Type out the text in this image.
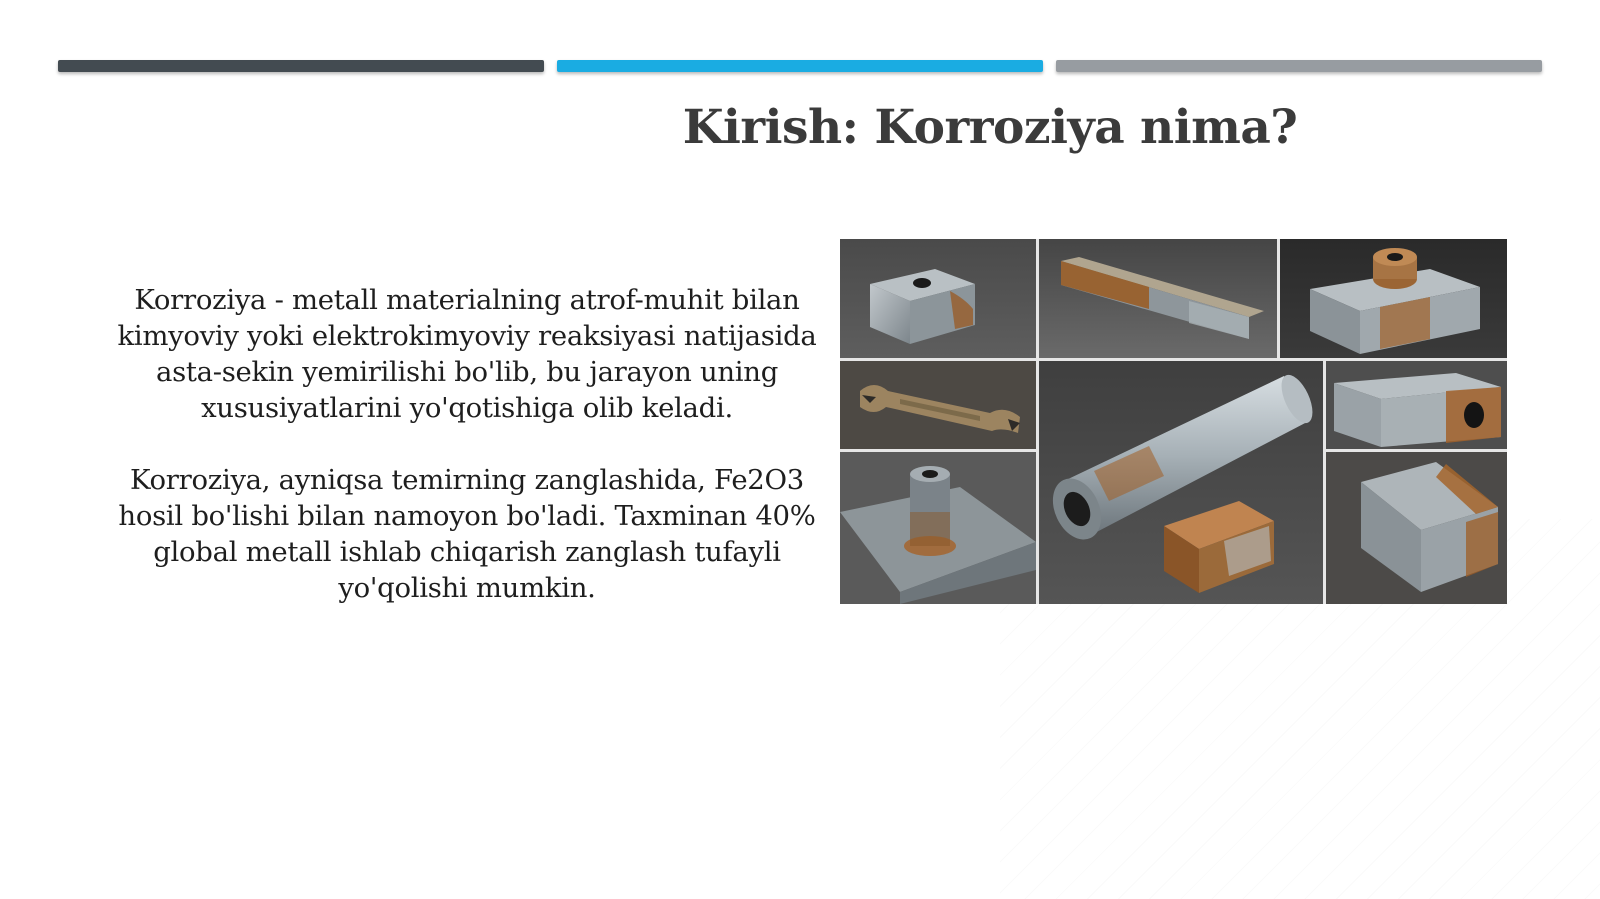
Kirish: Korroziya nima?

Korroziya - metall materialning atrof-muhit bilan kimyoviy yoki elektrokimyoviy reaksiyasi natijasida asta-sekin yemirilishi bo'lib, bu jarayon uning xususiyatlarini yo'qotishiga olib keladi.

Korroziya, ayniqsa temirning zanglashida, Fe2O3 hosil bo'lishi bilan namoyon bo'ladi. Taxminan 40% global metall ishlab chiqarish zanglash tufayli yo'qolishi mumkin.
